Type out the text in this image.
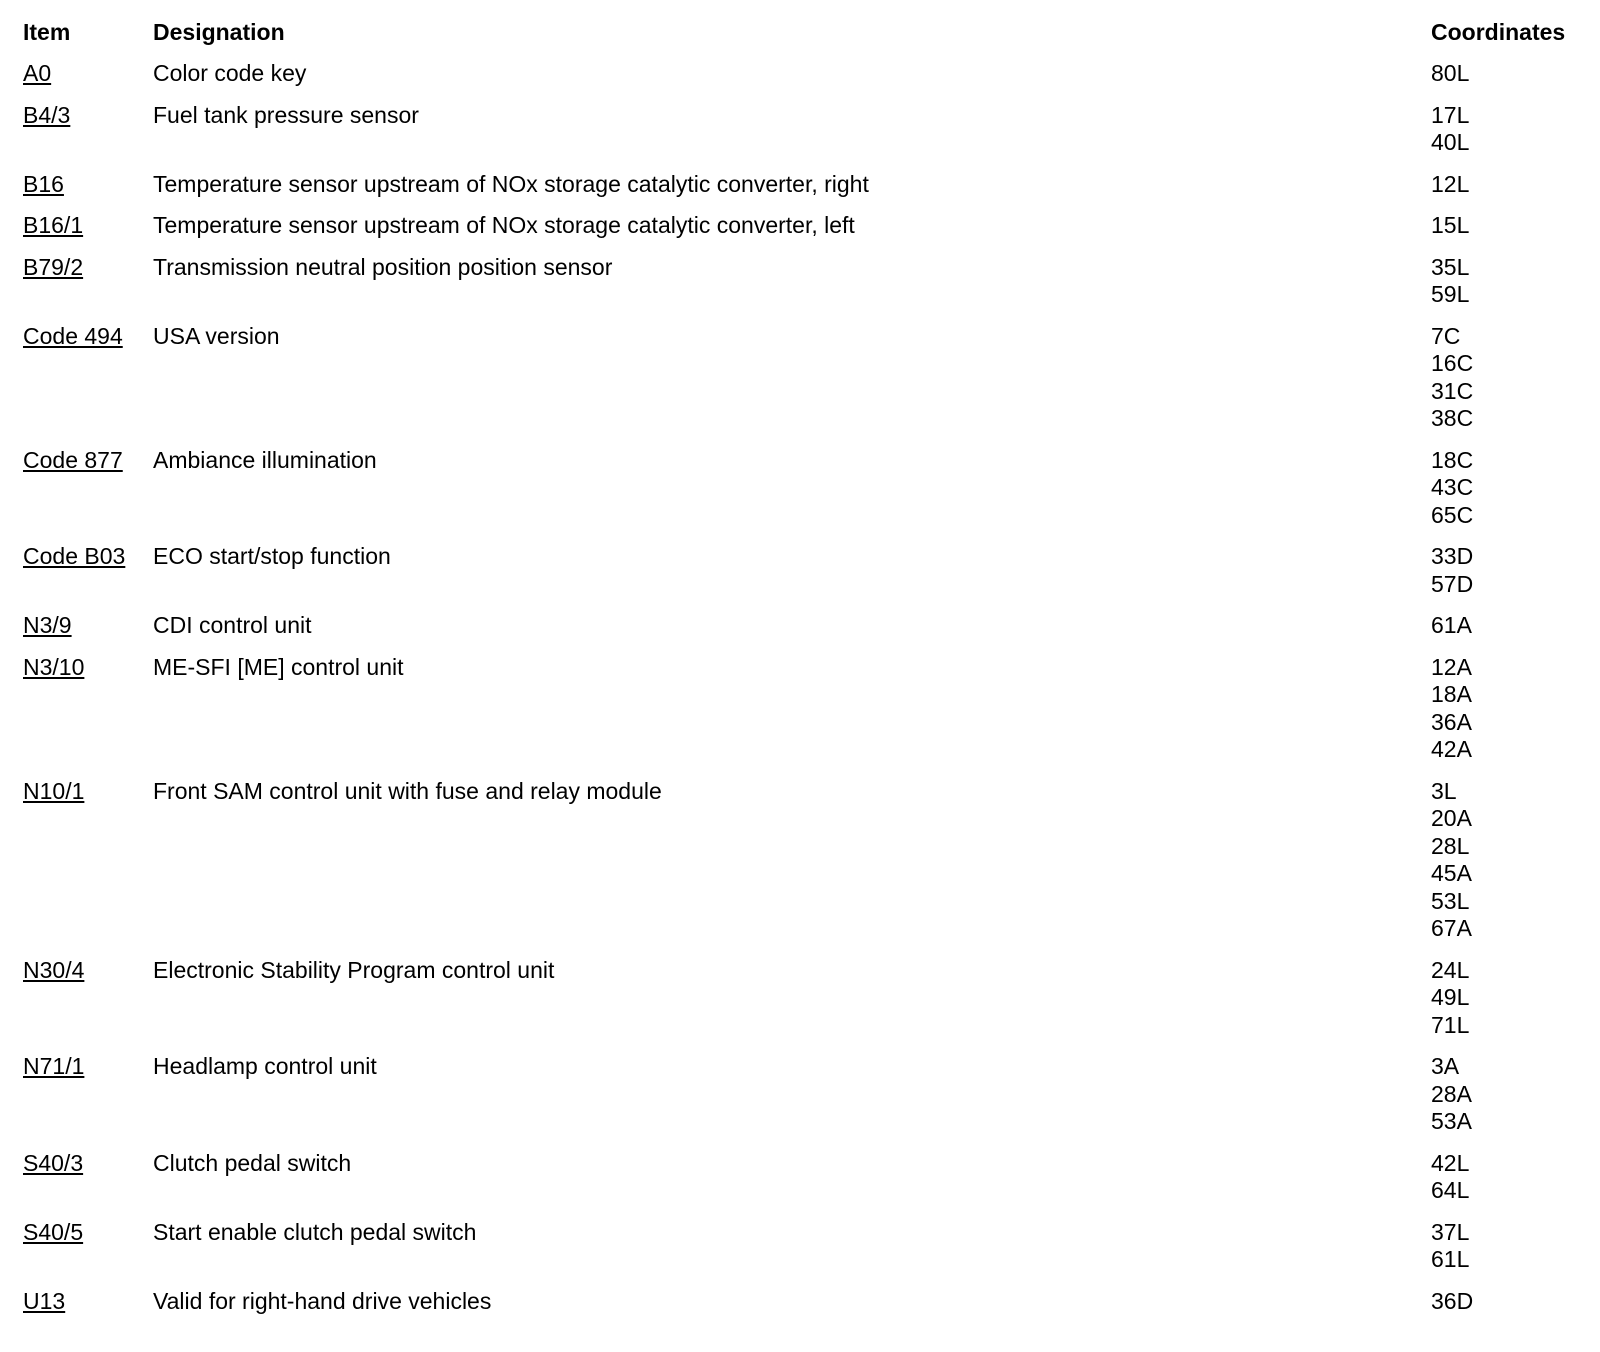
Item	Designation	Coordinates
A0	Color code key	80L
B4/3	Fuel tank pressure sensor	17L
40L
B16	Temperature sensor upstream of NOx storage catalytic converter, right	12L
B16/1	Temperature sensor upstream of NOx storage catalytic converter, left	15L
B79/2	Transmission neutral position position sensor	35L
59L
Code 494	USA version	7C
16C
31C
38C
Code 877	Ambiance illumination	18C
43C
65C
Code B03	ECO start/stop function	33D
57D
N3/9	CDI control unit	61A
N3/10	ME-SFI [ME] control unit	12A
18A
36A
42A
N10/1	Front SAM control unit with fuse and relay module	3L
20A
28L
45A
53L
67A
N30/4	Electronic Stability Program control unit	24L
49L
71L
N71/1	Headlamp control unit	3A
28A
53A
S40/3	Clutch pedal switch	42L
64L
S40/5	Start enable clutch pedal switch	37L
61L
U13	Valid for right-hand drive vehicles	36D
